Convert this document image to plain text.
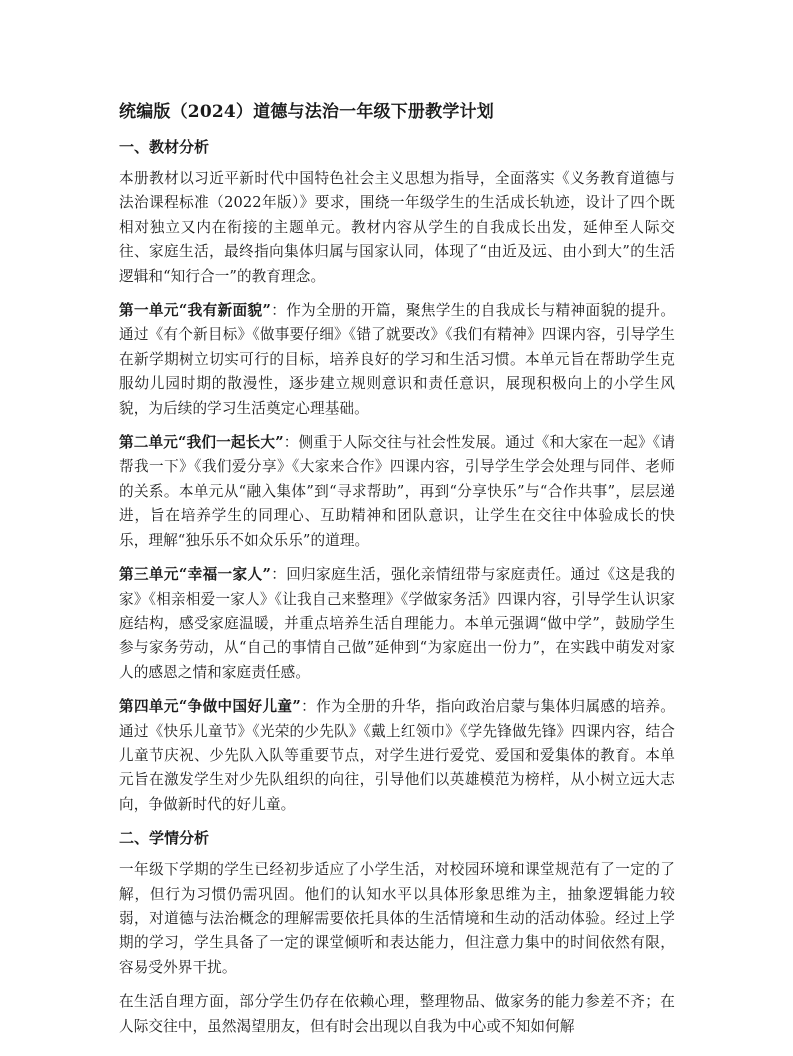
统编版（2024）道德与法治一年级下册教学计划
一、教材分析

本册教材以习近平新时代中国特色社会主义思想为指导，全面落实《义务教育道德与法治课程标准（2022年版）》要求，围绕一年级学生的生活成长轨迹，设计了四个既相对独立又内在衔接的主题单元。教材内容从学生的自我成长出发，延伸至人际交往、家庭生活，最终指向集体归属与国家认同，体现了“由近及远、由小到大”的生活逻辑和“知行合一”的教育理念。

第一单元“我有新面貌”：作为全册的开篇，聚焦学生的自我成长与精神面貌的提升。通过《有个新目标》《做事要仔细》《错了就要改》《我们有精神》四课内容，引导学生在新学期树立切实可行的目标，培养良好的学习和生活习惯。本单元旨在帮助学生克服幼儿园时期的散漫性，逐步建立规则意识和责任意识，展现积极向上的小学生风貌，为后续的学习生活奠定心理基础。

第二单元“我们一起长大”：侧重于人际交往与社会性发展。通过《和大家在一起》《请帮我一下》《我们爱分享》《大家来合作》四课内容，引导学生学会处理与同伴、老师的关系。本单元从“融入集体”到“寻求帮助”，再到“分享快乐”与“合作共事”，层层递进，旨在培养学生的同理心、互助精神和团队意识，让学生在交往中体验成长的快乐，理解“独乐乐不如众乐乐”的道理。

第三单元“幸福一家人”：回归家庭生活，强化亲情纽带与家庭责任。通过《这是我的家》《相亲相爱一家人》《让我自己来整理》《学做家务活》四课内容，引导学生认识家庭结构，感受家庭温暖，并重点培养生活自理能力。本单元强调“做中学”，鼓励学生参与家务劳动，从“自己的事情自己做”延伸到“为家庭出一份力”，在实践中萌发对家人的感恩之情和家庭责任感。

第四单元“争做中国好儿童”：作为全册的升华，指向政治启蒙与集体归属感的培养。通过《快乐儿童节》《光荣的少先队》《戴上红领巾》《学先锋做先锋》四课内容，结合儿童节庆祝、少先队入队等重要节点，对学生进行爱党、爱国和爱集体的教育。本单元旨在激发学生对少先队组织的向往，引导他们以英雄模范为榜样，从小树立远大志向，争做新时代的好儿童。

二、学情分析

一年级下学期的学生已经初步适应了小学生活，对校园环境和课堂规范有了一定的了解，但行为习惯仍需巩固。他们的认知水平以具体形象思维为主，抽象逻辑能力较弱，对道德与法治概念的理解需要依托具体的生活情境和生动的活动体验。经过上学期的学习，学生具备了一定的课堂倾听和表达能力，但注意力集中的时间依然有限，容易受外界干扰。

在生活自理方面，部分学生仍存在依赖心理，整理物品、做家务的能力参差不齐；在人际交往中，虽然渴望朋友，但有时会出现以自我为中心或不知如何解
